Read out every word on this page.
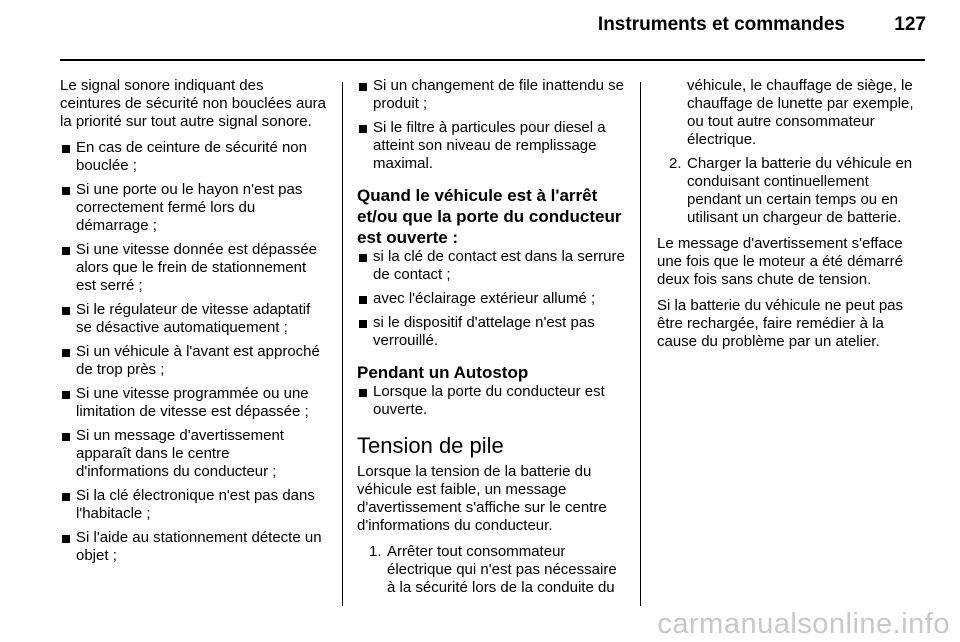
Instruments et commandes	127

Le signal sonore indiquant des ceintures de sécurité non bouclées aura la priorité sur tout autre signal sonore.

En cas de ceinture de sécurité non bouclée ;
Si une porte ou le hayon n'est pas correctement fermé lors du démarrage ;
Si une vitesse donnée est dépassée alors que le frein de stationnement est serré ;
Si le régulateur de vitesse adaptatif se désactive automatiquement ;
Si un véhicule à l'avant est approché de trop près ;
Si une vitesse programmée ou une limitation de vitesse est dépassée ;
Si un message d'avertissement apparaît dans le centre d'informations du conducteur ;
Si la clé électronique n'est pas dans l'habitacle ;
Si l'aide au stationnement détecte un objet ;
Si un changement de file inattendu se produit ;
Si le filtre à particules pour diesel a atteint son niveau de remplissage maximal.
Quand le véhicule est à l'arrêt et/ou que la porte du conducteur est ouverte :
si la clé de contact est dans la serrure de contact ;
avec l'éclairage extérieur allumé ;
si le dispositif d'attelage n'est pas verrouillé.
Pendant un Autostop
Lorsque la porte du conducteur est ouverte.
Tension de pile

Lorsque la tension de la batterie du véhicule est faible, un message d'avertissement s'affiche sur le centre d'informations du conducteur.

1. Arrêter tout consommateur électrique qui n'est pas nécessaire à la sécurité lors de la conduite du

véhicule, le chauffage de siège, le chauffage de lunette par exemple, ou tout autre consommateur électrique.

2. Charger la batterie du véhicule en conduisant continuellement pendant un certain temps ou en utilisant un chargeur de batterie.

Le message d'avertissement s'efface une fois que le moteur a été démarré deux fois sans chute de tension.

Si la batterie du véhicule ne peut pas être rechargée, faire remédier à la cause du problème par un atelier.

carmanualsonline.info
